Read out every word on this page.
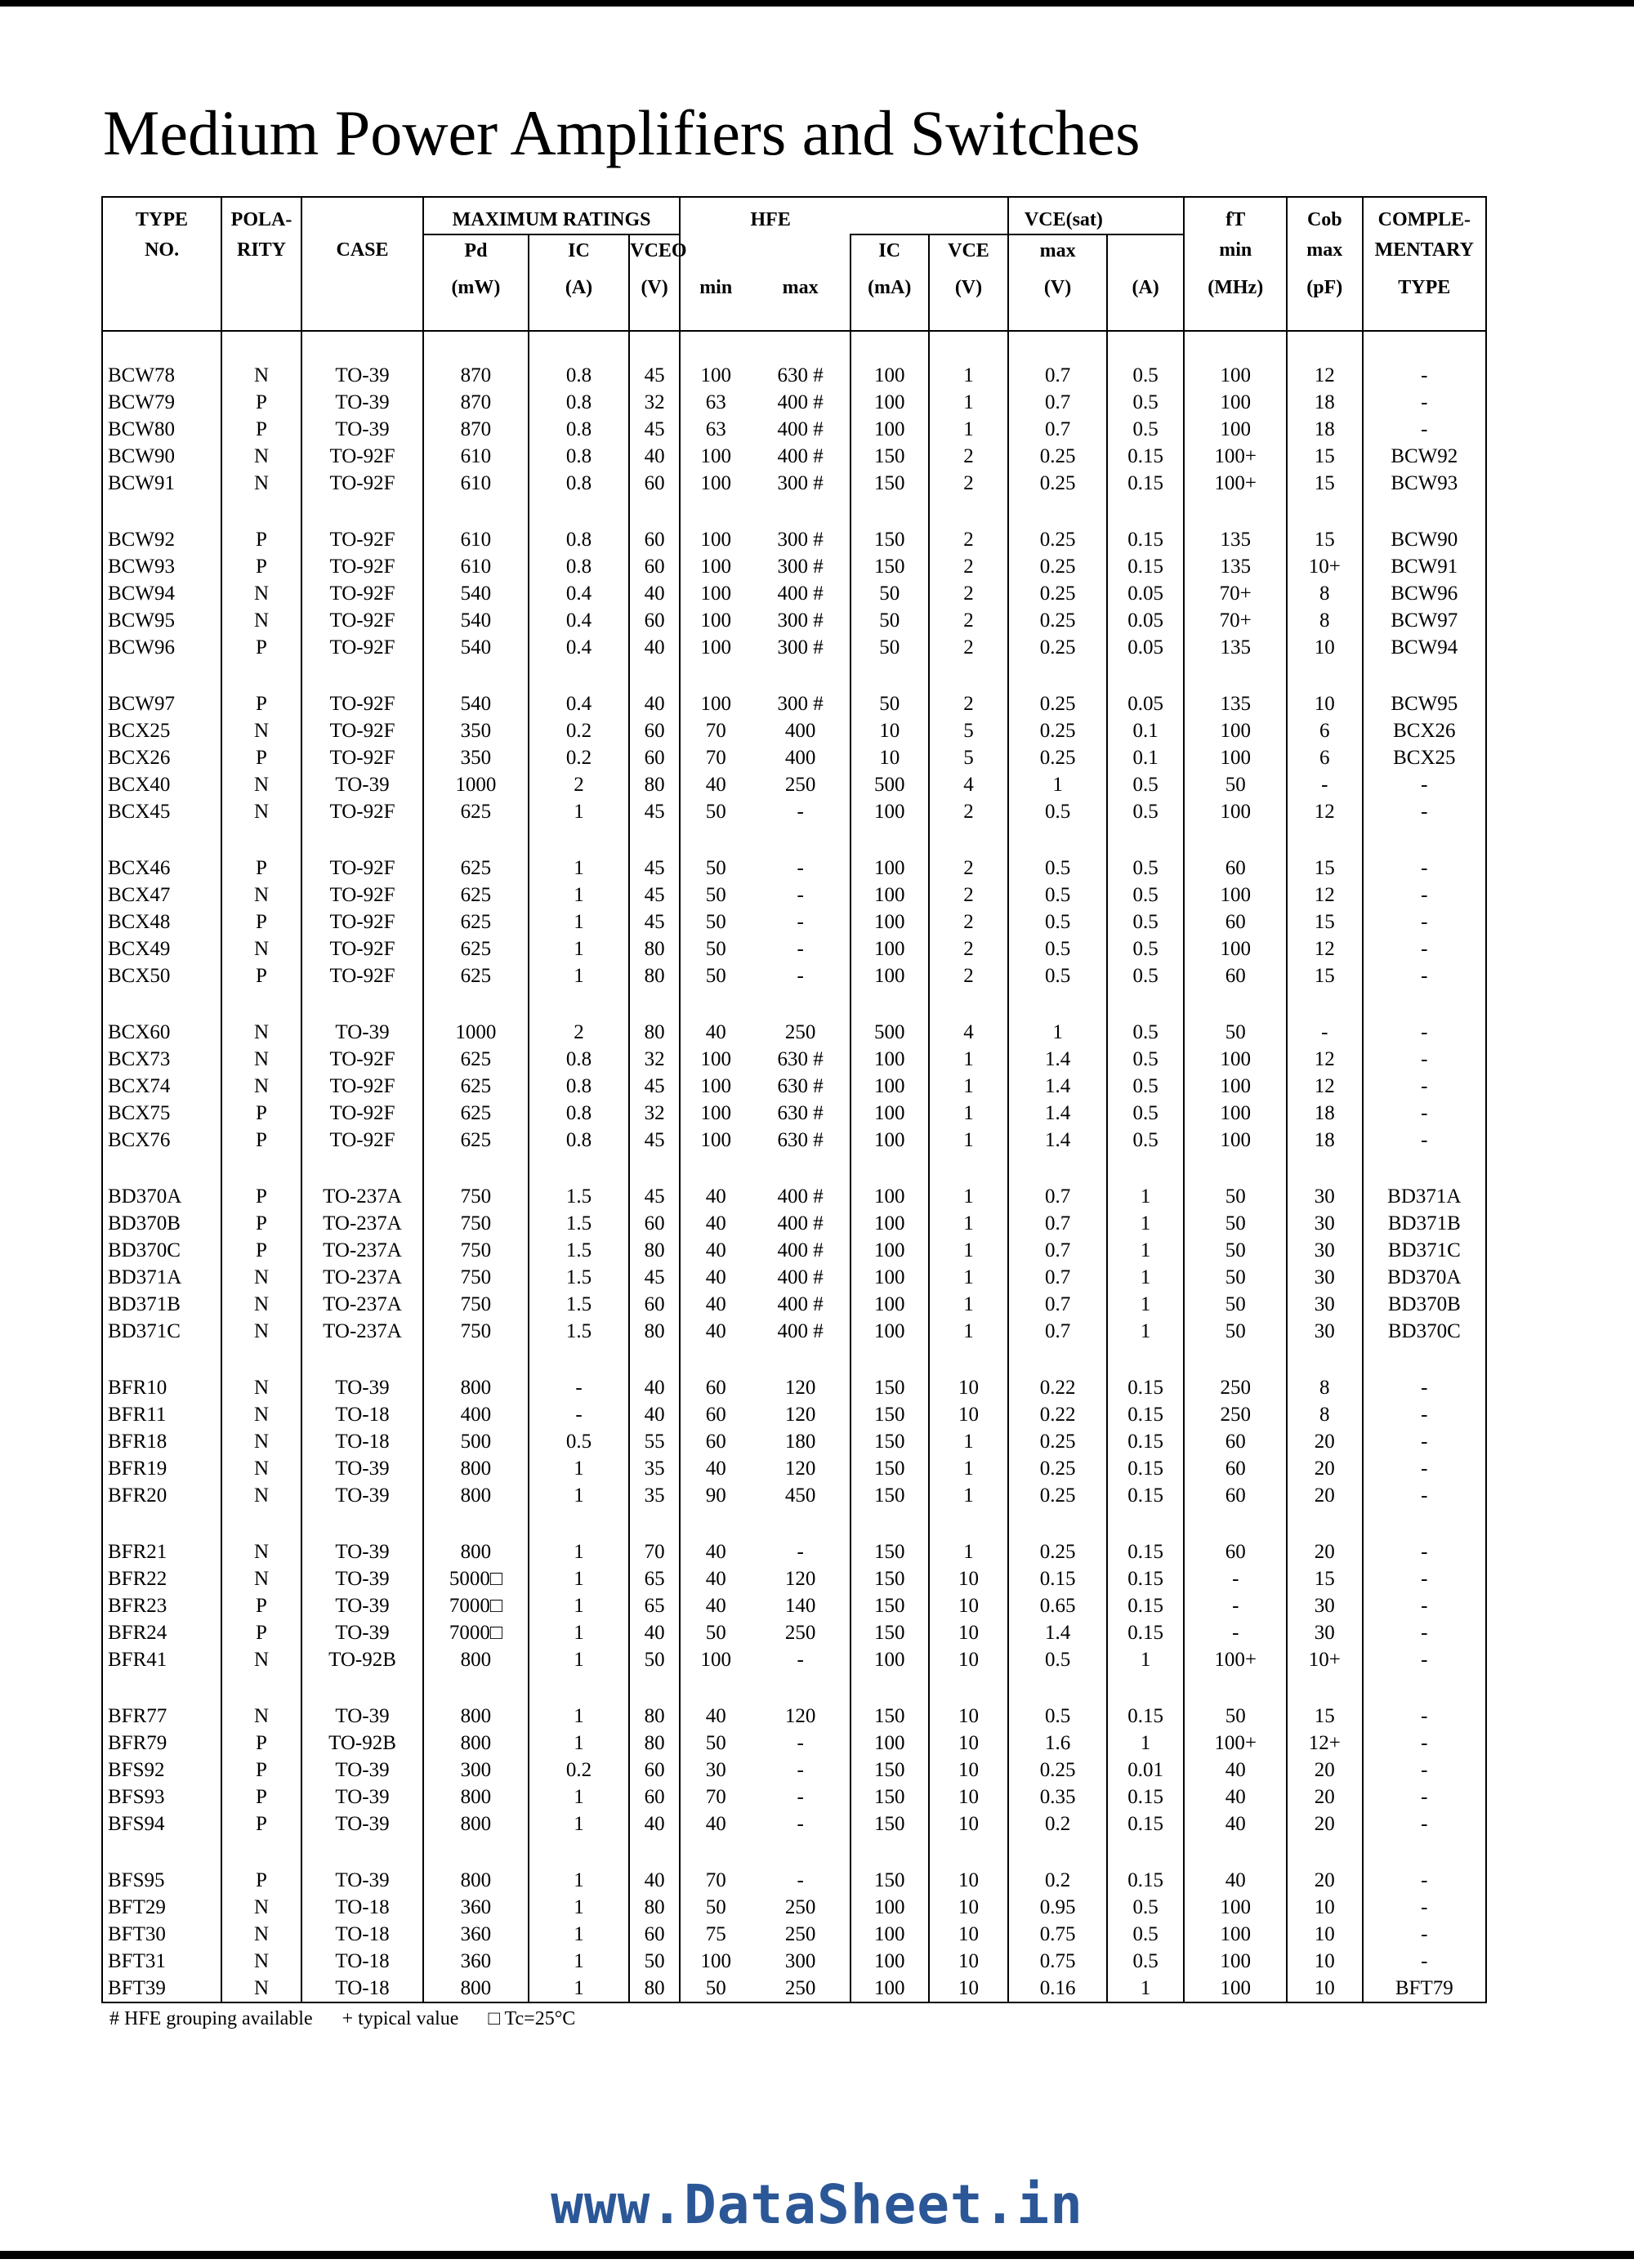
Medium Power Amplifiers and Switches
TYPE	POLA-		MAXIMUM RATINGS			HFE				VCE(sat)		fT	Cob	COMPLE-
NO.	RITY	CASE	Pd	IC	VCEO			IC	VCE	max		min	max	MENTARY
			(mW)	(A)	(V)	min	max	(mA)	(V)	(V)	(A)	(MHz)	(pF)	TYPE

BCW78	N	TO-39	870	0.8	45	100	630 #	100	1	0.7	0.5	100	12	-
BCW79	P	TO-39	870	0.8	32	63	400 #	100	1	0.7	0.5	100	18	-
BCW80	P	TO-39	870	0.8	45	63	400 #	100	1	0.7	0.5	100	18	-
BCW90	N	TO-92F	610	0.8	40	100	400 #	150	2	0.25	0.15	100+	15	BCW92
BCW91	N	TO-92F	610	0.8	60	100	300 #	150	2	0.25	0.15	100+	15	BCW93

BCW92	P	TO-92F	610	0.8	60	100	300 #	150	2	0.25	0.15	135	15	BCW90
BCW93	P	TO-92F	610	0.8	60	100	300 #	150	2	0.25	0.15	135	10+	BCW91
BCW94	N	TO-92F	540	0.4	40	100	400 #	50	2	0.25	0.05	70+	8	BCW96
BCW95	N	TO-92F	540	0.4	60	100	300 #	50	2	0.25	0.05	70+	8	BCW97
BCW96	P	TO-92F	540	0.4	40	100	300 #	50	2	0.25	0.05	135	10	BCW94

BCW97	P	TO-92F	540	0.4	40	100	300 #	50	2	0.25	0.05	135	10	BCW95
BCX25	N	TO-92F	350	0.2	60	70	400	10	5	0.25	0.1	100	6	BCX26
BCX26	P	TO-92F	350	0.2	60	70	400	10	5	0.25	0.1	100	6	BCX25
BCX40	N	TO-39	1000	2	80	40	250	500	4	1	0.5	50	-	-
BCX45	N	TO-92F	625	1	45	50	-	100	2	0.5	0.5	100	12	-

BCX46	P	TO-92F	625	1	45	50	-	100	2	0.5	0.5	60	15	-
BCX47	N	TO-92F	625	1	45	50	-	100	2	0.5	0.5	100	12	-
BCX48	P	TO-92F	625	1	45	50	-	100	2	0.5	0.5	60	15	-
BCX49	N	TO-92F	625	1	80	50	-	100	2	0.5	0.5	100	12	-
BCX50	P	TO-92F	625	1	80	50	-	100	2	0.5	0.5	60	15	-

BCX60	N	TO-39	1000	2	80	40	250	500	4	1	0.5	50	-	-
BCX73	N	TO-92F	625	0.8	32	100	630 #	100	1	1.4	0.5	100	12	-
BCX74	N	TO-92F	625	0.8	45	100	630 #	100	1	1.4	0.5	100	12	-
BCX75	P	TO-92F	625	0.8	32	100	630 #	100	1	1.4	0.5	100	18	-
BCX76	P	TO-92F	625	0.8	45	100	630 #	100	1	1.4	0.5	100	18	-

BD370A	P	TO-237A	750	1.5	45	40	400 #	100	1	0.7	1	50	30	BD371A
BD370B	P	TO-237A	750	1.5	60	40	400 #	100	1	0.7	1	50	30	BD371B
BD370C	P	TO-237A	750	1.5	80	40	400 #	100	1	0.7	1	50	30	BD371C
BD371A	N	TO-237A	750	1.5	45	40	400 #	100	1	0.7	1	50	30	BD370A
BD371B	N	TO-237A	750	1.5	60	40	400 #	100	1	0.7	1	50	30	BD370B
BD371C	N	TO-237A	750	1.5	80	40	400 #	100	1	0.7	1	50	30	BD370C

BFR10	N	TO-39	800	-	40	60	120	150	10	0.22	0.15	250	8	-
BFR11	N	TO-18	400	-	40	60	120	150	10	0.22	0.15	250	8	-
BFR18	N	TO-18	500	0.5	55	60	180	150	1	0.25	0.15	60	20	-
BFR19	N	TO-39	800	1	35	40	120	150	1	0.25	0.15	60	20	-
BFR20	N	TO-39	800	1	35	90	450	150	1	0.25	0.15	60	20	-

BFR21	N	TO-39	800	1	70	40	-	150	1	0.25	0.15	60	20	-
BFR22	N	TO-39	5000□	1	65	40	120	150	10	0.15	0.15	-	15	-
BFR23	P	TO-39	7000□	1	65	40	140	150	10	0.65	0.15	-	30	-
BFR24	P	TO-39	7000□	1	40	50	250	150	10	1.4	0.15	-	30	-
BFR41	N	TO-92B	800	1	50	100	-	100	10	0.5	1	100+	10+	-

BFR77	N	TO-39	800	1	80	40	120	150	10	0.5	0.15	50	15	-
BFR79	P	TO-92B	800	1	80	50	-	100	10	1.6	1	100+	12+	-
BFS92	P	TO-39	300	0.2	60	30	-	150	10	0.25	0.01	40	20	-
BFS93	P	TO-39	800	1	60	70	-	150	10	0.35	0.15	40	20	-
BFS94	P	TO-39	800	1	40	40	-	150	10	0.2	0.15	40	20	-

BFS95	P	TO-39	800	1	40	70	-	150	10	0.2	0.15	40	20	-
BFT29	N	TO-18	360	1	80	50	250	100	10	0.95	0.5	100	10	-
BFT30	N	TO-18	360	1	60	75	250	100	10	0.75	0.5	100	10	-
BFT31	N	TO-18	360	1	50	100	300	100	10	0.75	0.5	100	10	-
BFT39	N	TO-18	800	1	80	50	250	100	10	0.16	1	100	10	BFT79
# HFE grouping available + typical value □ Tc=25°C
www.DataSheet.in
